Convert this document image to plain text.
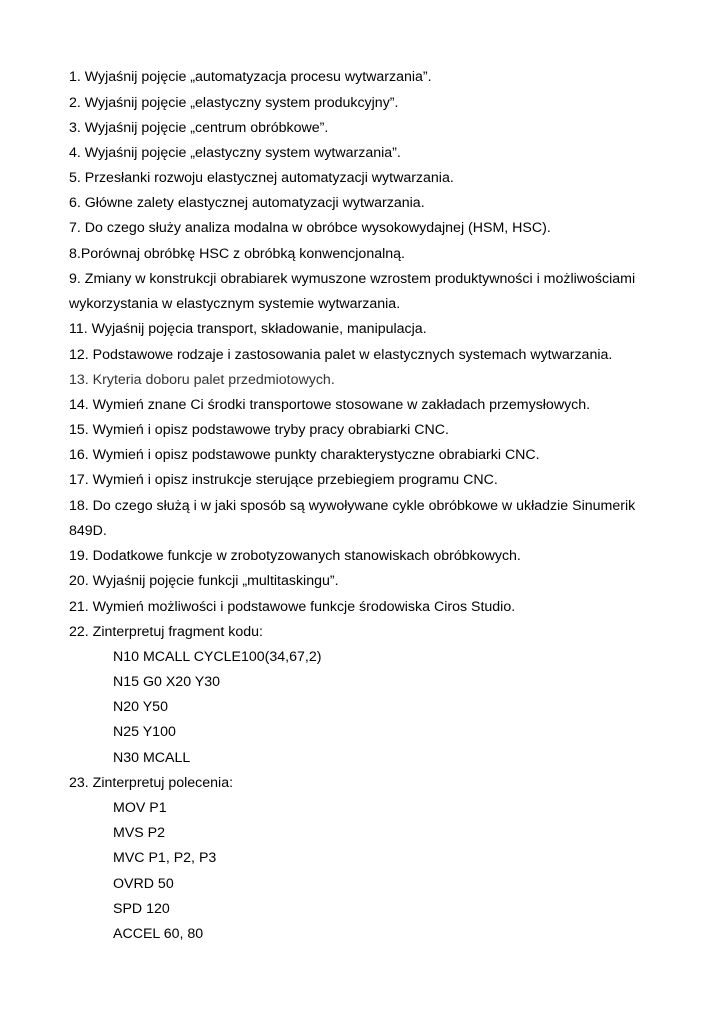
1. Wyjaśnij pojęcie „automatyzacja procesu wytwarzania”.
2. Wyjaśnij pojęcie „elastyczny system produkcyjny”.
3. Wyjaśnij pojęcie „centrum obróbkowe”.
4. Wyjaśnij pojęcie „elastyczny system wytwarzania”.
5. Przesłanki rozwoju elastycznej automatyzacji wytwarzania.
6. Główne zalety elastycznej automatyzacji wytwarzania.
7. Do czego służy analiza modalna w obróbce wysokowydajnej (HSM, HSC).
8.Porównaj obróbkę HSC z obróbką konwencjonalną.
9. Zmiany w konstrukcji obrabiarek wymuszone wzrostem produktywności i możliwościami
wykorzystania w elastycznym systemie wytwarzania.
11. Wyjaśnij pojęcia transport, składowanie, manipulacja.
12. Podstawowe rodzaje i zastosowania palet w elastycznych systemach wytwarzania.
13. Kryteria doboru palet przedmiotowych.
14. Wymień znane Ci środki transportowe stosowane w zakładach przemysłowych.
15. Wymień i opisz podstawowe tryby pracy obrabiarki CNC.
16. Wymień i opisz podstawowe punkty charakterystyczne obrabiarki CNC.
17. Wymień i opisz instrukcje sterujące przebiegiem programu CNC.
18. Do czego służą i w jaki sposób są wywoływane cykle obróbkowe w układzie Sinumerik
849D.
19. Dodatkowe funkcje w zrobotyzowanych stanowiskach obróbkowych.
20. Wyjaśnij pojęcie funkcji „multitaskingu”.
21. Wymień możliwości i podstawowe funkcje środowiska Ciros Studio.
22. Zinterpretuj fragment kodu:
N10 MCALL CYCLE100(34,67,2)
N15 G0 X20 Y30
N20 Y50
N25 Y100
N30 MCALL
23. Zinterpretuj polecenia:
MOV P1
MVS P2
MVC P1, P2, P3
OVRD 50
SPD 120
ACCEL 60, 80
